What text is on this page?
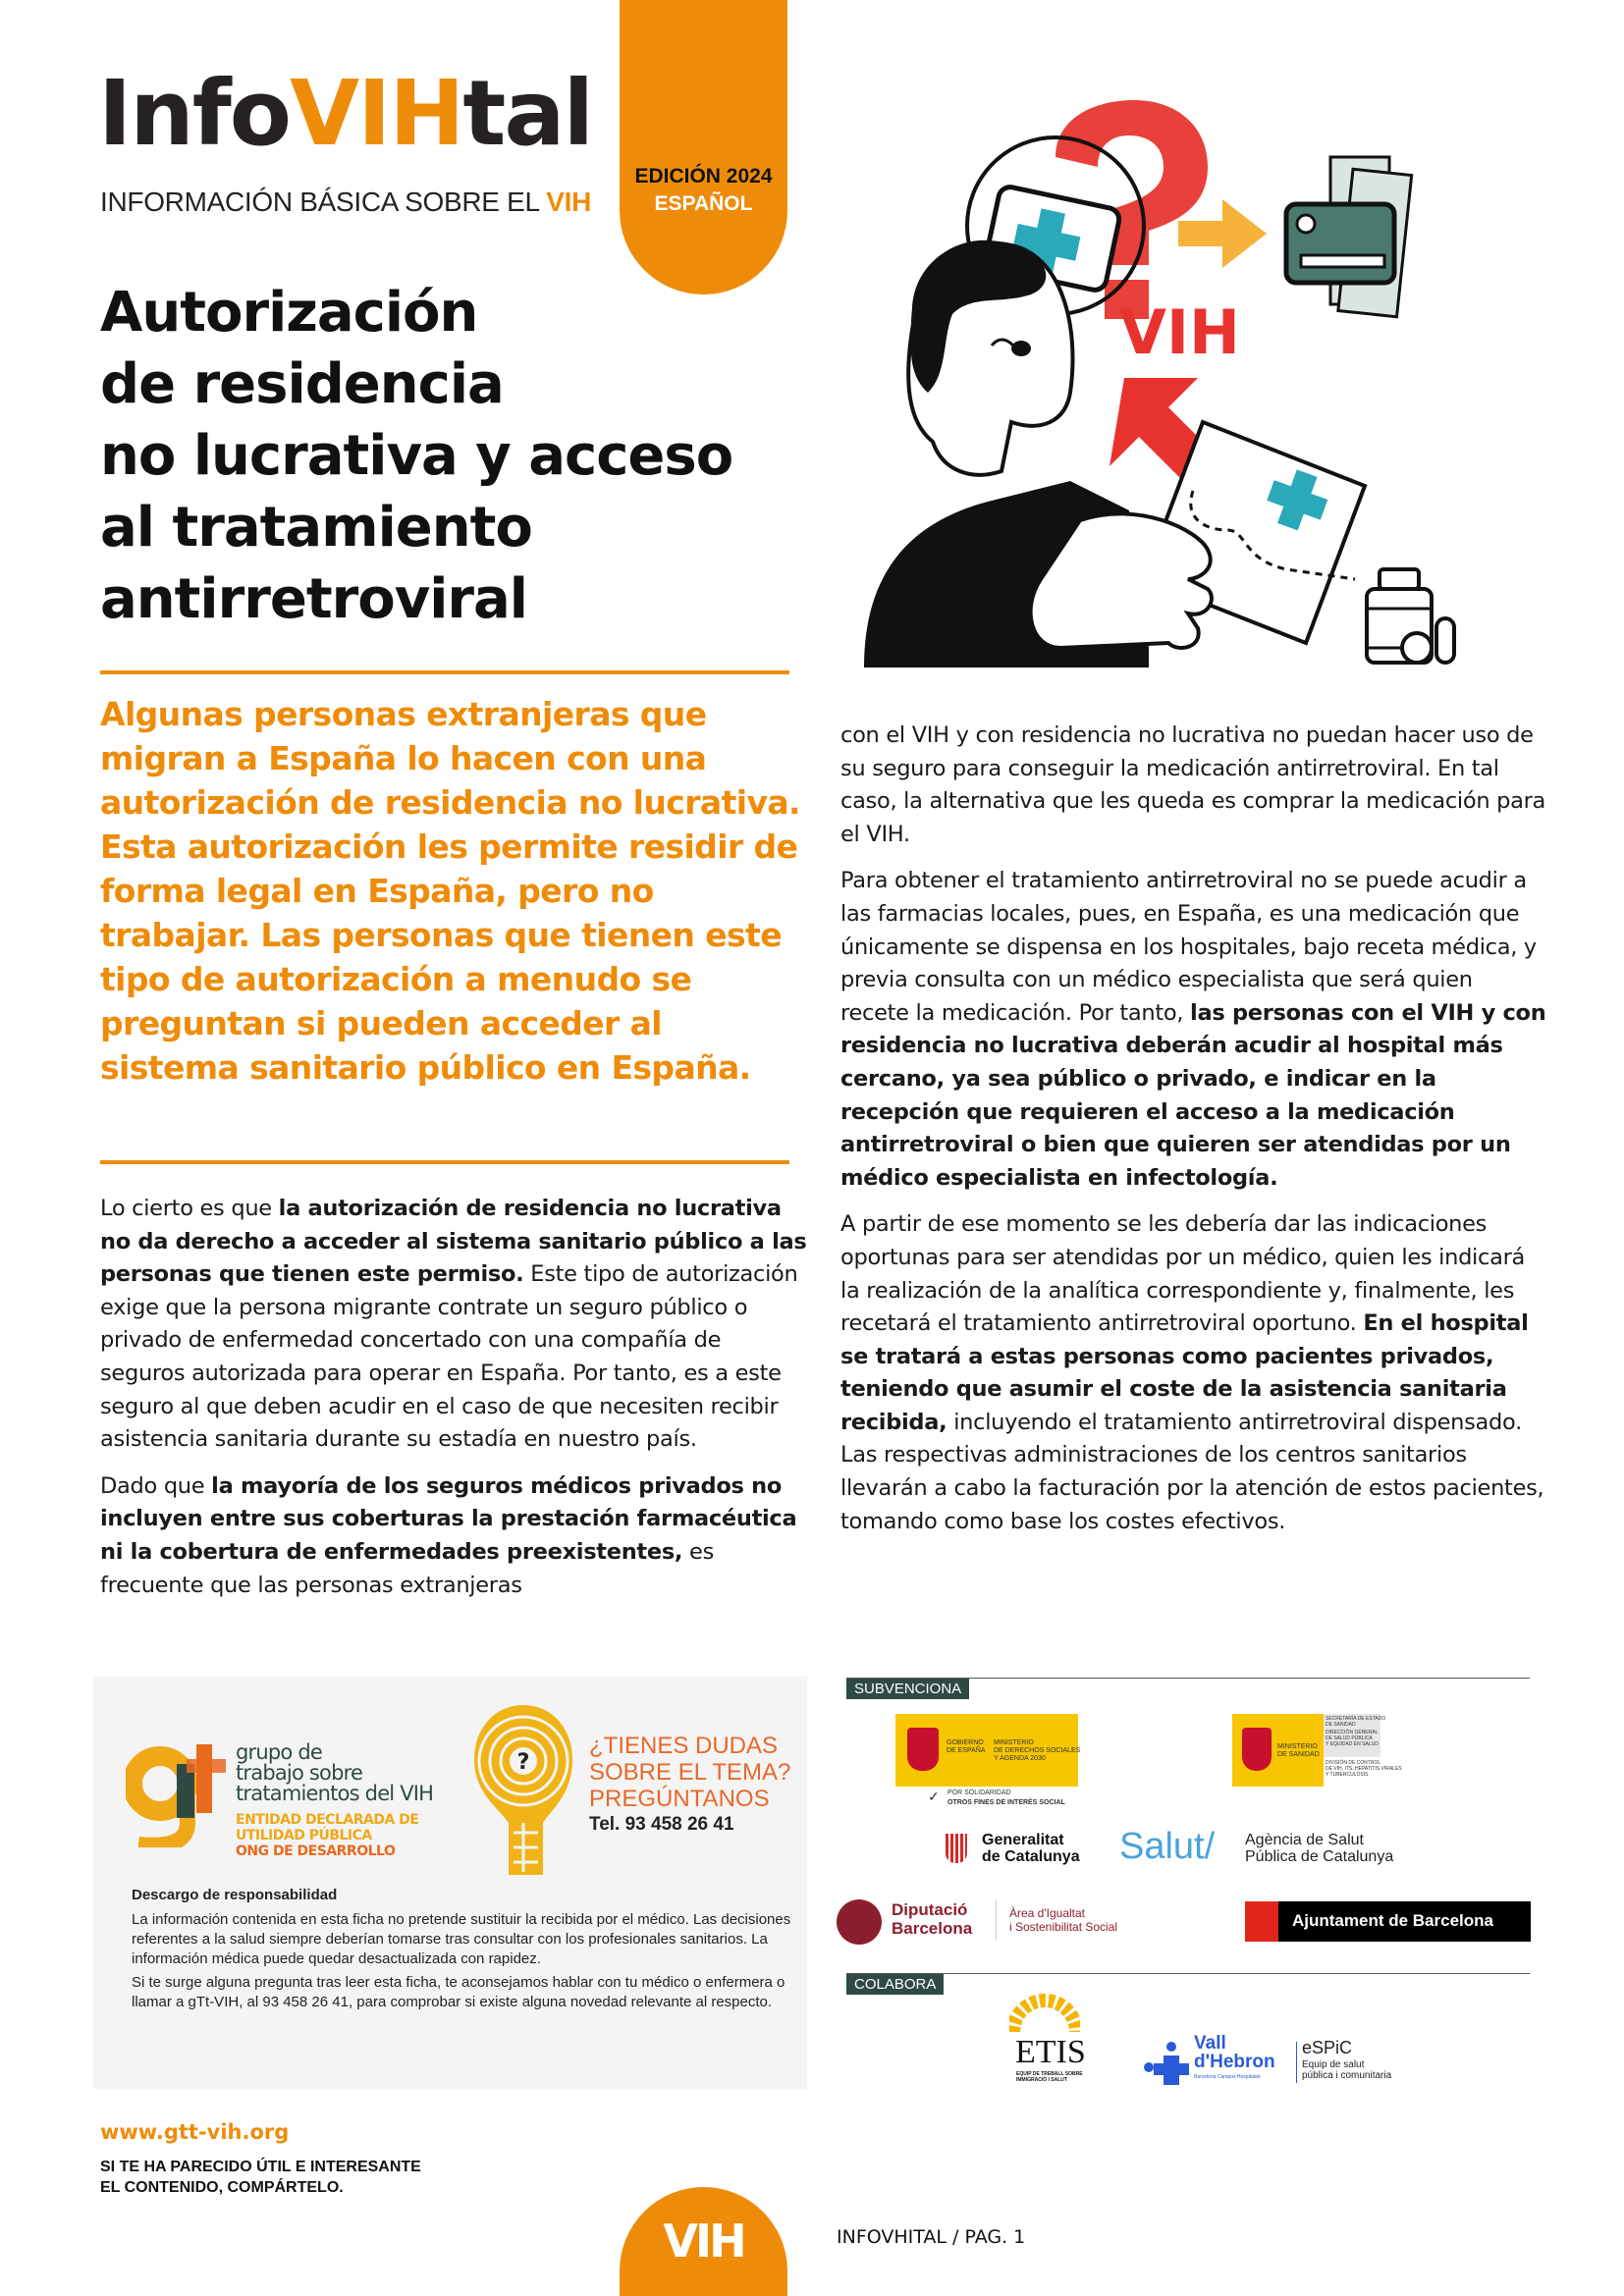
InfoVIHtal
INFORMACIÓN BÁSICA SOBRE EL VIH
EDICIÓN 2024
ESPAÑOL
Autorización
de residencia
no lucrativa y acceso
al tratamiento
antirretroviral
VIH
Algunas personas extranjeras que migran a España lo hacen con una autorización de residencia no lucrativa. Esta autorización les permite residir de forma legal en España, pero no trabajar. Las personas que tienen este tipo de autorización a menudo se preguntan si pueden acceder al sistema sanitario público en España.

Lo cierto es que la autorización de residencia no lucrativa no da derecho a acceder al sistema sanitario público a las personas que tienen este permiso. Este tipo de autorización exige que la persona migrante contrate un seguro público o privado de enfermedad concertado con una compañía de seguros autorizada para operar en España. Por tanto, es a este seguro al que deben acudir en el caso de que necesiten recibir asistencia sanitaria durante su estadía en nuestro país.

Dado que la mayoría de los seguros médicos privados no incluyen entre sus coberturas la prestación farmacéutica ni la cobertura de enfermedades preexistentes, es frecuente que las personas extranjeras

con el VIH y con residencia no lucrativa no puedan hacer uso de su seguro para conseguir la medicación antirretroviral. En tal caso, la alternativa que les queda es comprar la medicación para el VIH.

Para obtener el tratamiento antirretroviral no se puede acudir a las farmacias locales, pues, en España, es una medicación que únicamente se dispensa en los hospitales, bajo receta médica, y previa consulta con un médico especialista que será quien recete la medicación. Por tanto, las personas con el VIH y con residencia no lucrativa deberán acudir al hospital más cercano, ya sea público o privado, e indicar en la recepción que requieren el acceso a la medicación antirretroviral o bien que quieren ser atendidas por un médico especialista en infectología.

A partir de ese momento se les debería dar las indicaciones oportunas para ser atendidas por un médico, quien les indicará la realización de la analítica correspondiente y, finalmente, les recetará el tratamiento antirretroviral oportuno. En el hospital se tratará a estas personas como pacientes privados, teniendo que asumir el coste de la asistencia sanitaria recibida, incluyendo el tratamiento antirretroviral dispensado. Las respectivas administraciones de los centros sanitarios llevarán a cabo la facturación por la atención de estos pacientes, tomando como base los costes efectivos.

grupo de
trabajo sobre
tratamientos del VIH
ENTIDAD DECLARADA DE
UTILIDAD PÚBLICA
ONG DE DESARROLLO
?
¿TIENES DUDAS
SOBRE EL TEMA?
PREGÚNTANOS
Tel. 93 458 26 41
Descargo de responsabilidad

La información contenida en esta ficha no pretende sustituir la recibida por el médico. Las decisiones referentes a la salud siempre deberían tomarse tras consultar con los profesionales sanitarios. La información médica puede quedar desactualizada con rapidez.

Si te surge alguna pregunta tras leer esta ficha, te aconsejamos hablar con tu médico o enfermera o llamar a gTt-VIH, al 93 458 26 41, para comprobar si existe alguna novedad relevante al respecto.

SUBVENCIONA
GOBIERNO
DE ESPAÑA
MINISTERIO
DE DERECHOS SOCIALES
Y AGENDA 2030
POR SOLIDARIDAD
OTROS FINES DE INTERÉS SOCIAL
✓
MINISTERIO
DE SANIDAD
SECRETARÍA DE ESTADO
DE SANIDAD
DIRECCIÓN GENERAL
DE SALUD PÚBLICA
Y EQUIDAD EN SALUD
DIVISIÓN DE CONTROL
DE VIH, ITS, HEPATITIS VIRALES
Y TUBERCULOSIS
Generalitat
de Catalunya Salut/ Agència de Salut
Pública de Catalunya
Diputació
Barcelona
Àrea d'Igualtat
i Sostenibilitat Social	Ajuntament de Barcelona
COLABORA
ETIS
EQUIP DE TREBALL SOBRE
IMMIGRACIÓ I SALUT
Vall
d'Hebron
Barcelona Campus Hospitalari
eSPiC
Equip de salut
pública i comunitaria
www.gtt-vih.org
SI TE HA PARECIDO ÚTIL E INTERESANTE
EL CONTENIDO, COMPÁRTELO.
VIH	INFOVHITAL / PAG. 1
